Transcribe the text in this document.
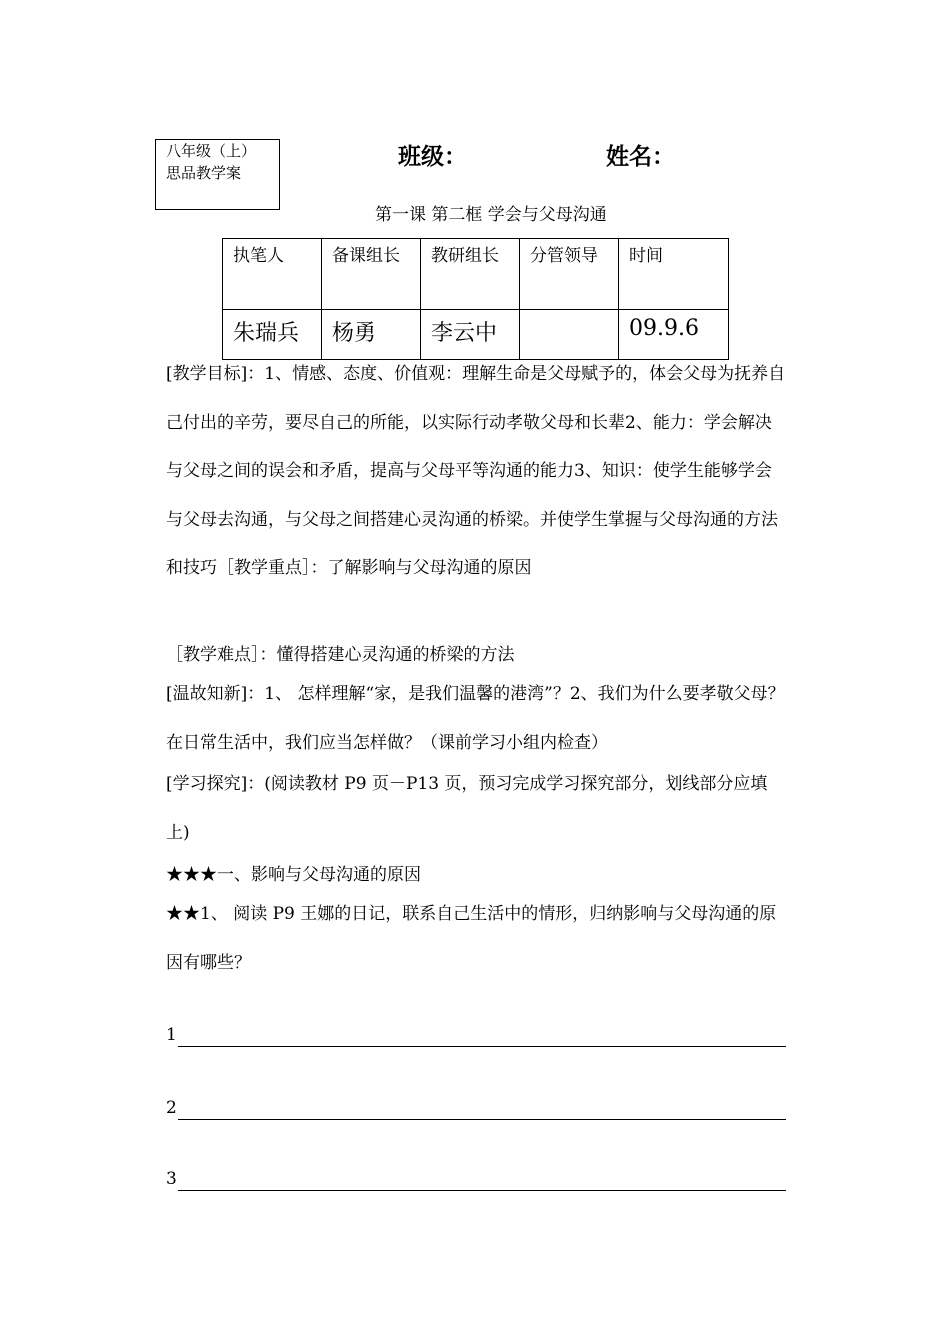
八年级（上）
思品教学案
班级：	姓名：
第一课 第二框 学会与父母沟通
执笔人	备课组长	教研组长	分管领导	时间
朱瑞兵	杨勇	李云中		09.9.6
[教学目标]：1、情感、态度、价值观：理解生命是父母赋予的，体会父母为抚养自己付出的辛劳，要尽自己的所能，以实际行动孝敬父母和长辈2、能力：学会解决与父母之间的误会和矛盾，提高与父母平等沟通的能力3、知识：使学生能够学会与父母去沟通，与父母之间搭建心灵沟通的桥梁。并使学生掌握与父母沟通的方法和技巧［教学重点］：了解影响与父母沟通的原因
［教学难点］：懂得搭建心灵沟通的桥梁的方法
[温故知新]：1、 怎样理解“家，是我们温馨的港湾”？2、我们为什么要孝敬父母？在日常生活中，我们应当怎样做？（课前学习小组内检查）
[学习探究]：(阅读教材 P9 页－P13 页，预习完成学习探究部分，划线部分应填上)
★★★一、影响与父母沟通的原因
★★1、 阅读 P9 王娜的日记，联系自己生活中的情形，归纳影响与父母沟通的原因有哪些？
1
2
3
